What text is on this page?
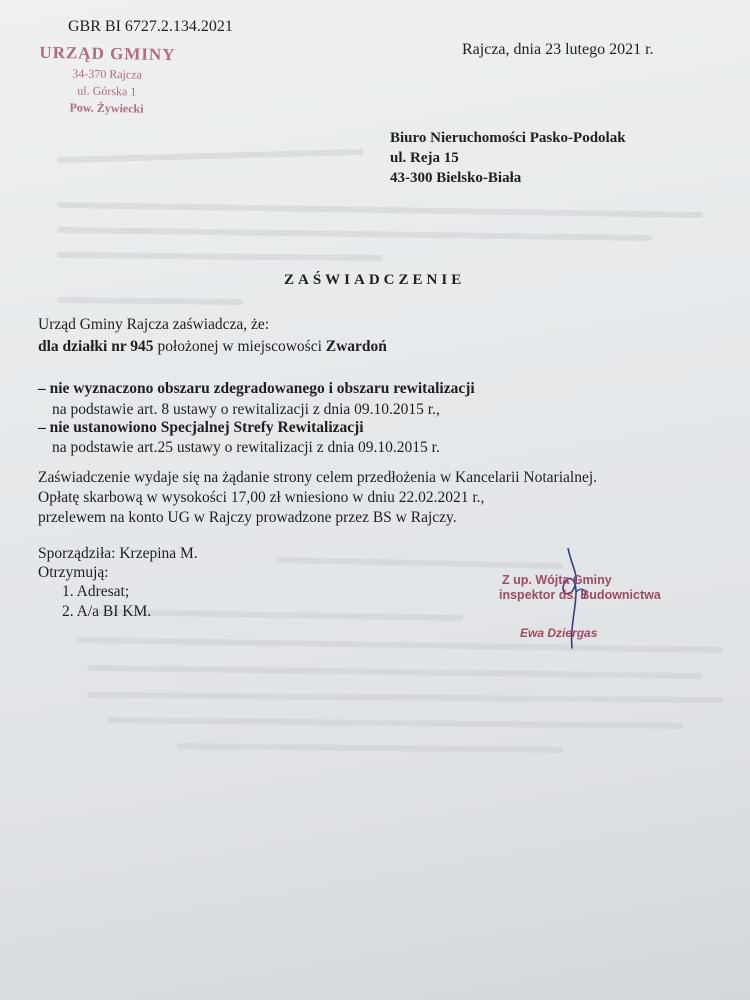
GBR BI 6727.2.134.2021
URZĄD GMINY
34-370 Rajcza
ul. Górska 1
Pow. Żywiecki
Rajcza, dnia 23 lutego 2021 r.
Biuro Nieruchomości Pasko-Podolak
ul. Reja 15
43-300 Bielsko-Biała
ZAŚWIADCZENIE
Urząd Gminy Rajcza zaświadcza, że:
dla działki nr 945 położonej w miejscowości Zwardoń
– nie wyznaczono obszaru zdegradowanego i obszaru rewitalizacji
na podstawie art. 8 ustawy o rewitalizacji z dnia 09.10.2015 r.,
– nie ustanowiono Specjalnej Strefy Rewitalizacji
na podstawie art.25 ustawy o rewitalizacji z dnia 09.10.2015 r.
Zaświadczenie wydaje się na żądanie strony celem przedłożenia w Kancelarii Notarialnej.
Opłatę skarbową w wysokości 17,00 zł wniesiono w dniu 22.02.2021 r.,
przelewem na konto UG w Rajczy prowadzone przez BS w Rajczy.
Sporządziła: Krzepina M.
Otrzymują:
1. Adresat;
2. A/a BI KM.
Z up. Wójta Gminy
inspektor ds. Budownictwa
Ewa Dziergas
